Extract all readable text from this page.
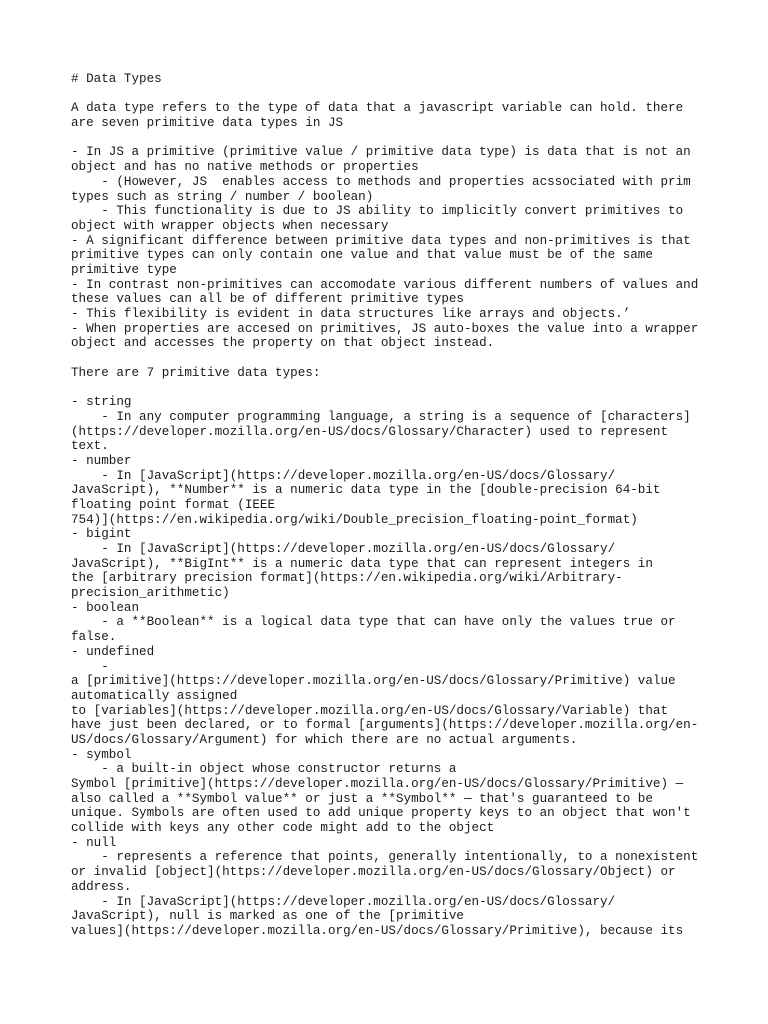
# Data Types
A data type refers to the type of data that a javascript variable can hold. there
are seven primitive data types in JS
- In JS a primitive (primitive value / primitive data type) is data that is not an
object and has no native methods or properties
- (However, JS  enables access to methods and properties acssociated with prim
types such as string / number / boolean)
- This functionality is due to JS ability to implicitly convert primitives to
object with wrapper objects when necessary
- A significant difference between primitive data types and non-primitives is that
primitive types can only contain one value and that value must be of the same
primitive type
- In contrast non-primitives can accomodate various different numbers of values and
these values can all be of different primitive types
- This flexibility is evident in data structures like arrays and objects.’
- When properties are accesed on primitives, JS auto-boxes the value into a wrapper
object and accesses the property on that object instead.
There are 7 primitive data types:
- string
- In any computer programming language, a string is a sequence of [characters]
(https://developer.mozilla.org/en-US/docs/Glossary/Character) used to represent
text.
- number
- In [JavaScript](https://developer.mozilla.org/en-US/docs/Glossary/
JavaScript), **Number** is a numeric data type in the [double-precision 64-bit
floating point format (IEEE
754)](https://en.wikipedia.org/wiki/Double_precision_floating-point_format)
- bigint
- In [JavaScript](https://developer.mozilla.org/en-US/docs/Glossary/
JavaScript), **BigInt** is a numeric data type that can represent integers in
the [arbitrary precision format](https://en.wikipedia.org/wiki/Arbitrary-
precision_arithmetic)
- boolean
- a **Boolean** is a logical data type that can have only the values true or
false.
- undefined
-
a [primitive](https://developer.mozilla.org/en-US/docs/Glossary/Primitive) value
automatically assigned
to [variables](https://developer.mozilla.org/en-US/docs/Glossary/Variable) that
have just been declared, or to formal [arguments](https://developer.mozilla.org/en-
US/docs/Glossary/Argument) for which there are no actual arguments.
- symbol
- a built-in object whose constructor returns a
Symbol [primitive](https://developer.mozilla.org/en-US/docs/Glossary/Primitive) —
also called a **Symbol value** or just a **Symbol** — that's guaranteed to be
unique. Symbols are often used to add unique property keys to an object that won't
collide with keys any other code might add to the object
- null
- represents a reference that points, generally intentionally, to a nonexistent
or invalid [object](https://developer.mozilla.org/en-US/docs/Glossary/Object) or
address.
- In [JavaScript](https://developer.mozilla.org/en-US/docs/Glossary/
JavaScript), null is marked as one of the [primitive
values](https://developer.mozilla.org/en-US/docs/Glossary/Primitive), because its
